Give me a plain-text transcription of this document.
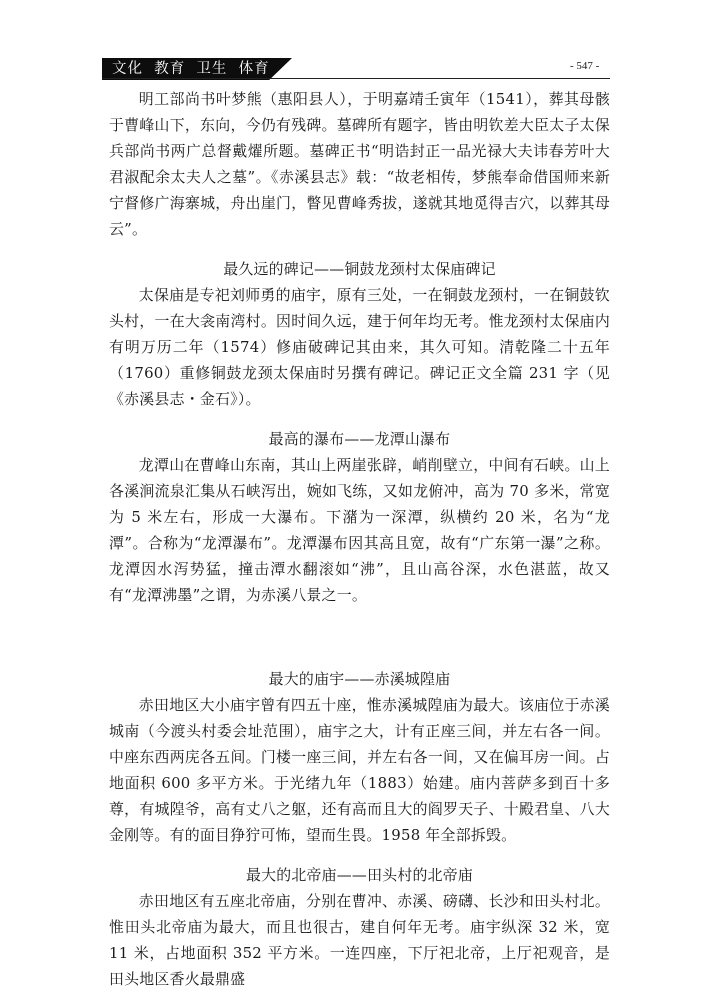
文化  教育  卫生  体育	- 547 -

明工部尚书叶梦熊（惠阳县人），于明嘉靖壬寅年（1541），葬其母骸于曹峰山下，东向，今仍有残碑。墓碑所有题字，皆由明钦差大臣太子太保兵部尚书两广总督戴燿所题。墓碑正书“明诰封正一品光禄大夫讳春芳叶大君淑配余太夫人之墓”。《赤溪县志》载：“故老相传，梦熊奉命借国师来新宁督修广海寨城，舟出崖门，瞥见曹峰秀拔，遂就其地觅得吉穴，以葬其母云”。

最久远的碑记——铜鼓龙颈村太保庙碑记

太保庙是专祀刘师勇的庙宇，原有三处，一在铜鼓龙颈村，一在铜鼓钦头村，一在大衾南湾村。因时间久远，建于何年均无考。惟龙颈村太保庙内有明万历二年（1574）修庙破碑记其由来，其久可知。清乾隆二十五年（1760）重修铜鼓龙颈太保庙时另撰有碑记。碑记正文全篇 231 字（见《赤溪县志・金石》）。

最高的瀑布——龙潭山瀑布

龙潭山在曹峰山东南，其山上两崖张辟，峭削壁立，中间有石峡。山上各溪涧流泉汇集从石峡泻出，婉如飞练，又如龙俯冲，高为 70 多米，常宽为 5 米左右，形成一大瀑布。下潴为一深潭，纵横约 20 米，名为“龙潭”。合称为“龙潭瀑布”。龙潭瀑布因其高且宽，故有“广东第一瀑”之称。龙潭因水泻势猛，撞击潭水翻滚如“沸”，且山高谷深，水色湛蓝，故又有“龙潭沸墨”之谓，为赤溪八景之一。

最大的庙宇——赤溪城隍庙

赤田地区大小庙宇曾有四五十座，惟赤溪城隍庙为最大。该庙位于赤溪城南（今渡头村委会址范围），庙宇之大，计有正座三间，并左右各一间。中座东西两庑各五间。门楼一座三间，并左右各一间，又在偏耳房一间。占地面积 600 多平方米。于光绪九年（1883）始建。庙内菩萨多到百十多尊，有城隍爷，高有丈八之躯，还有高而且大的阎罗天子、十殿君皇、八大金刚等。有的面目狰狞可怖，望而生畏。1958 年全部拆毁。

最大的北帝庙——田头村的北帝庙

赤田地区有五座北帝庙，分别在曹冲、赤溪、磅礴、长沙和田头村北。惟田头北帝庙为最大，而且也很古，建自何年无考。庙宇纵深 32 米，宽 11 米，占地面积 352 平方米。一连四座，下厅祀北帝，上厅祀观音，是田头地区香火最鼎盛
